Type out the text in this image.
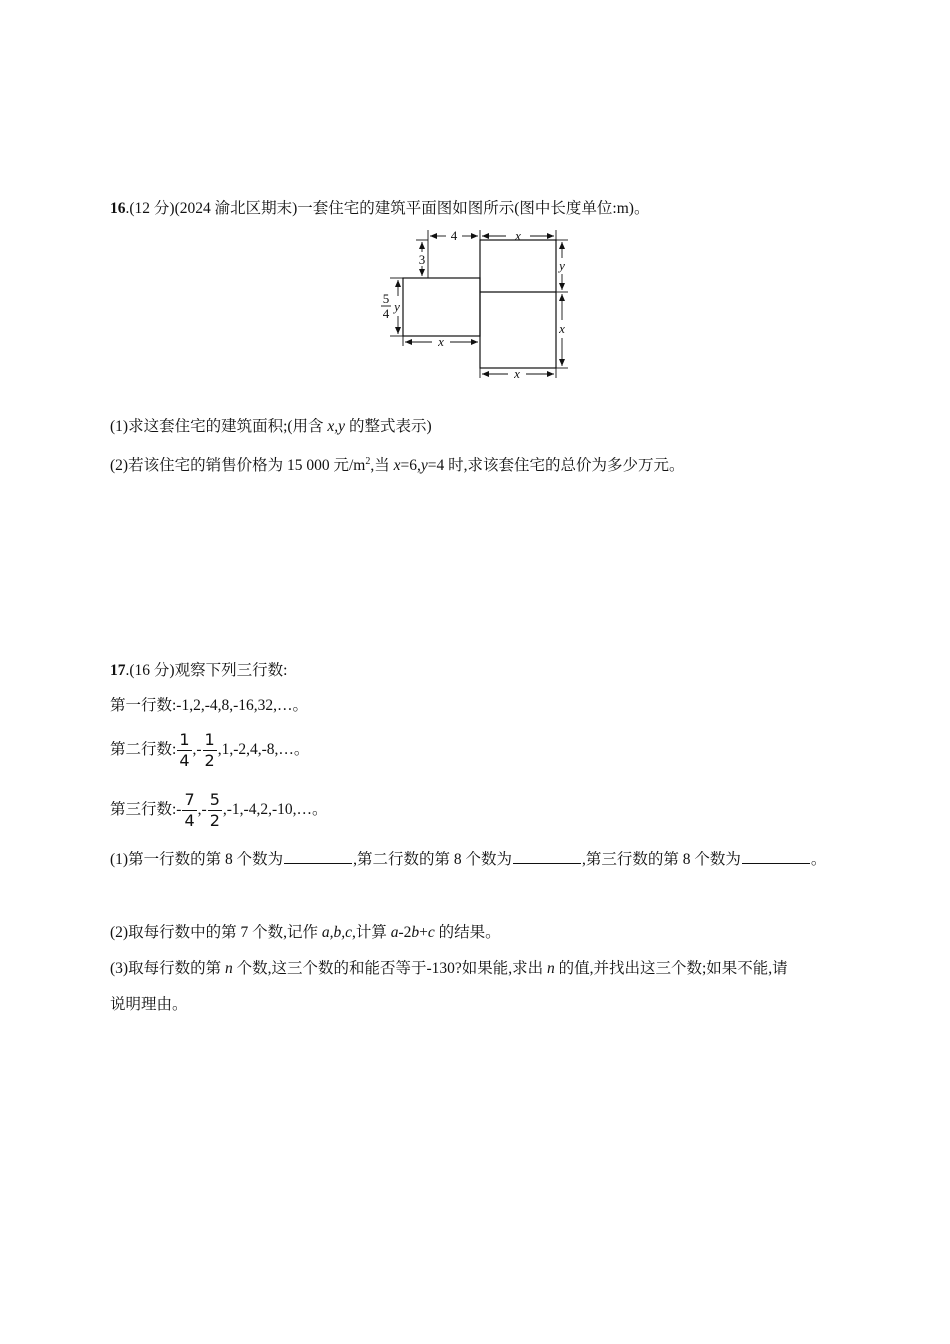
16.(12 分)(2024 渝北区期末)一套住宅的建筑平面图如图所示(图中长度单位:m)。
4	x
3	y
x
5
4 y
x
x
(1)求这套住宅的建筑面积;(用含 x,y 的整式表示)
(2)若该住宅的销售价格为 15 000 元$/m^2$,当 x=6,y=4 时,求该套住宅的总价为多少万元。
17.(16 分)观察下列三行数:
第一行数:-1,2,-4,8,-16,32,…。
第二行数: $\frac{1}{4}$ ,- $\frac{1}{2}$ ,1,-2,4,-8,…。
第三行数:- $\frac{7}{4}$ ,- $\frac{5}{2}$ ,-1,-4,2,-10,…。
(1)第一行数的第 8 个数为	,第二行数的第 8 个数为	,第三行数的第 8 个数为	。
(2)取每行数中的第 7 个数,记作 a,b,c,计算 a-2b+c 的结果。
(3)取每行数的第 n 个数,这三个数的和能否等于-130?如果能,求出 n 的值,并找出这三个数;如果不能,请
说明理由。
